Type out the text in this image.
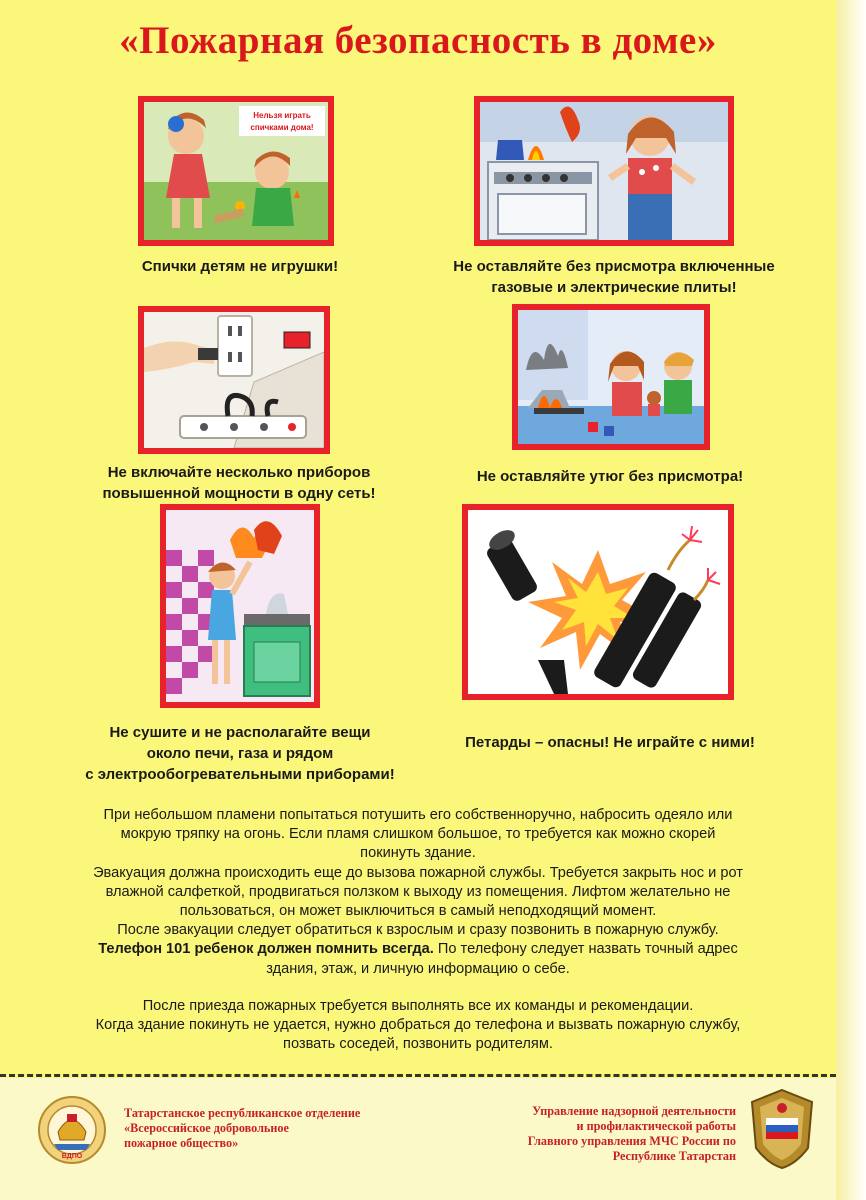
«Пожарная безопасность в доме»
Нельзя играть
спичками дома!
Спички детям не игрушки!	Не оставляйте без присмотра включенные
газовые и электрические плиты!
Не включайте несколько приборов
повышенной мощности в одну сеть!
Не оставляйте утюг без присмотра!
Не сушите и не располагайте вещи
около печи, газа и рядом
с электрообогревательными приборами!
Петарды – опасны! Не играйте с ними!
При небольшом пламени попытаться потушить его собственноручно, набросить одеяло или
мокрую тряпку на огонь. Если пламя слишком большое, то требуется как можно скорей
покинуть здание.
Эвакуация должна происходить еще до вызова пожарной службы. Требуется закрыть нос и рот
влажной салфеткой, продвигаться ползком к выходу из помещения. Лифтом желательно не
пользоваться, он может выключиться в самый неподходящий момент.
После эвакуации следует обратиться к взрослым и сразу позвонить в пожарную службу.
Телефон 101 ребенок должен помнить всегда. По телефону следует назвать точный адрес
здания, этаж, и личную информацию о себе.
После приезда пожарных требуется выполнять все их команды и рекомендации.
Когда здание покинуть не удается, нужно добраться до телефона и вызвать пожарную службу,
позвать соседей, позвонить родителям.
ВДПО
Татарстанское республиканское отделение
«Всероссийское добровольное
пожарное общество»
Управление надзорной деятельности
и профилактической работы
Главного управления МЧС России по
Республике Татарстан
